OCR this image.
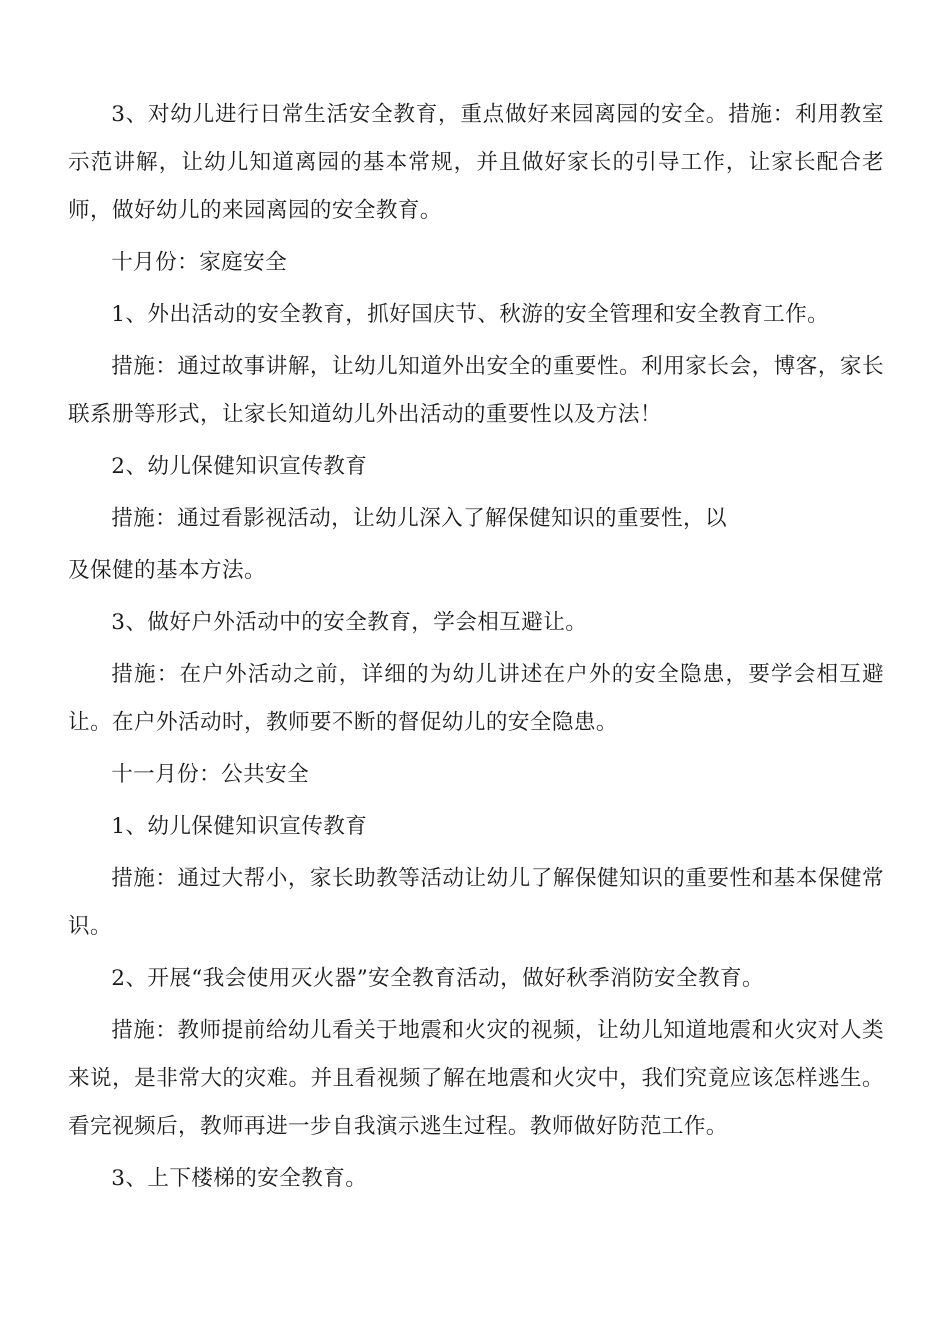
3、对幼儿进行日常生活安全教育，重点做好来园离园的安全。措施：利用教室示范讲解，让幼儿知道离园的基本常规，并且做好家长的引导工作，让家长配合老师，做好幼儿的来园离园的安全教育。

十月份：家庭安全

1、外出活动的安全教育，抓好国庆节、秋游的安全管理和安全教育工作。

措施：通过故事讲解，让幼儿知道外出安全的重要性。利用家长会，博客，家长联系册等形式，让家长知道幼儿外出活动的重要性以及方法！

2、幼儿保健知识宣传教育

措施：通过看影视活动，让幼儿深入了解保健知识的重要性，以

及保健的基本方法。

3、做好户外活动中的安全教育，学会相互避让。

措施：在户外活动之前，详细的为幼儿讲述在户外的安全隐患，要学会相互避让。在户外活动时，教师要不断的督促幼儿的安全隐患。

十一月份：公共安全

1、幼儿保健知识宣传教育

措施：通过大帮小，家长助教等活动让幼儿了解保健知识的重要性和基本保健常识。

2、开展“我会使用灭火器”安全教育活动，做好秋季消防安全教育。

措施：教师提前给幼儿看关于地震和火灾的视频，让幼儿知道地震和火灾对人类来说，是非常大的灾难。并且看视频了解在地震和火灾中，我们究竟应该怎样逃生。看完视频后，教师再进一步自我演示逃生过程。教师做好防范工作。

3、上下楼梯的安全教育。
